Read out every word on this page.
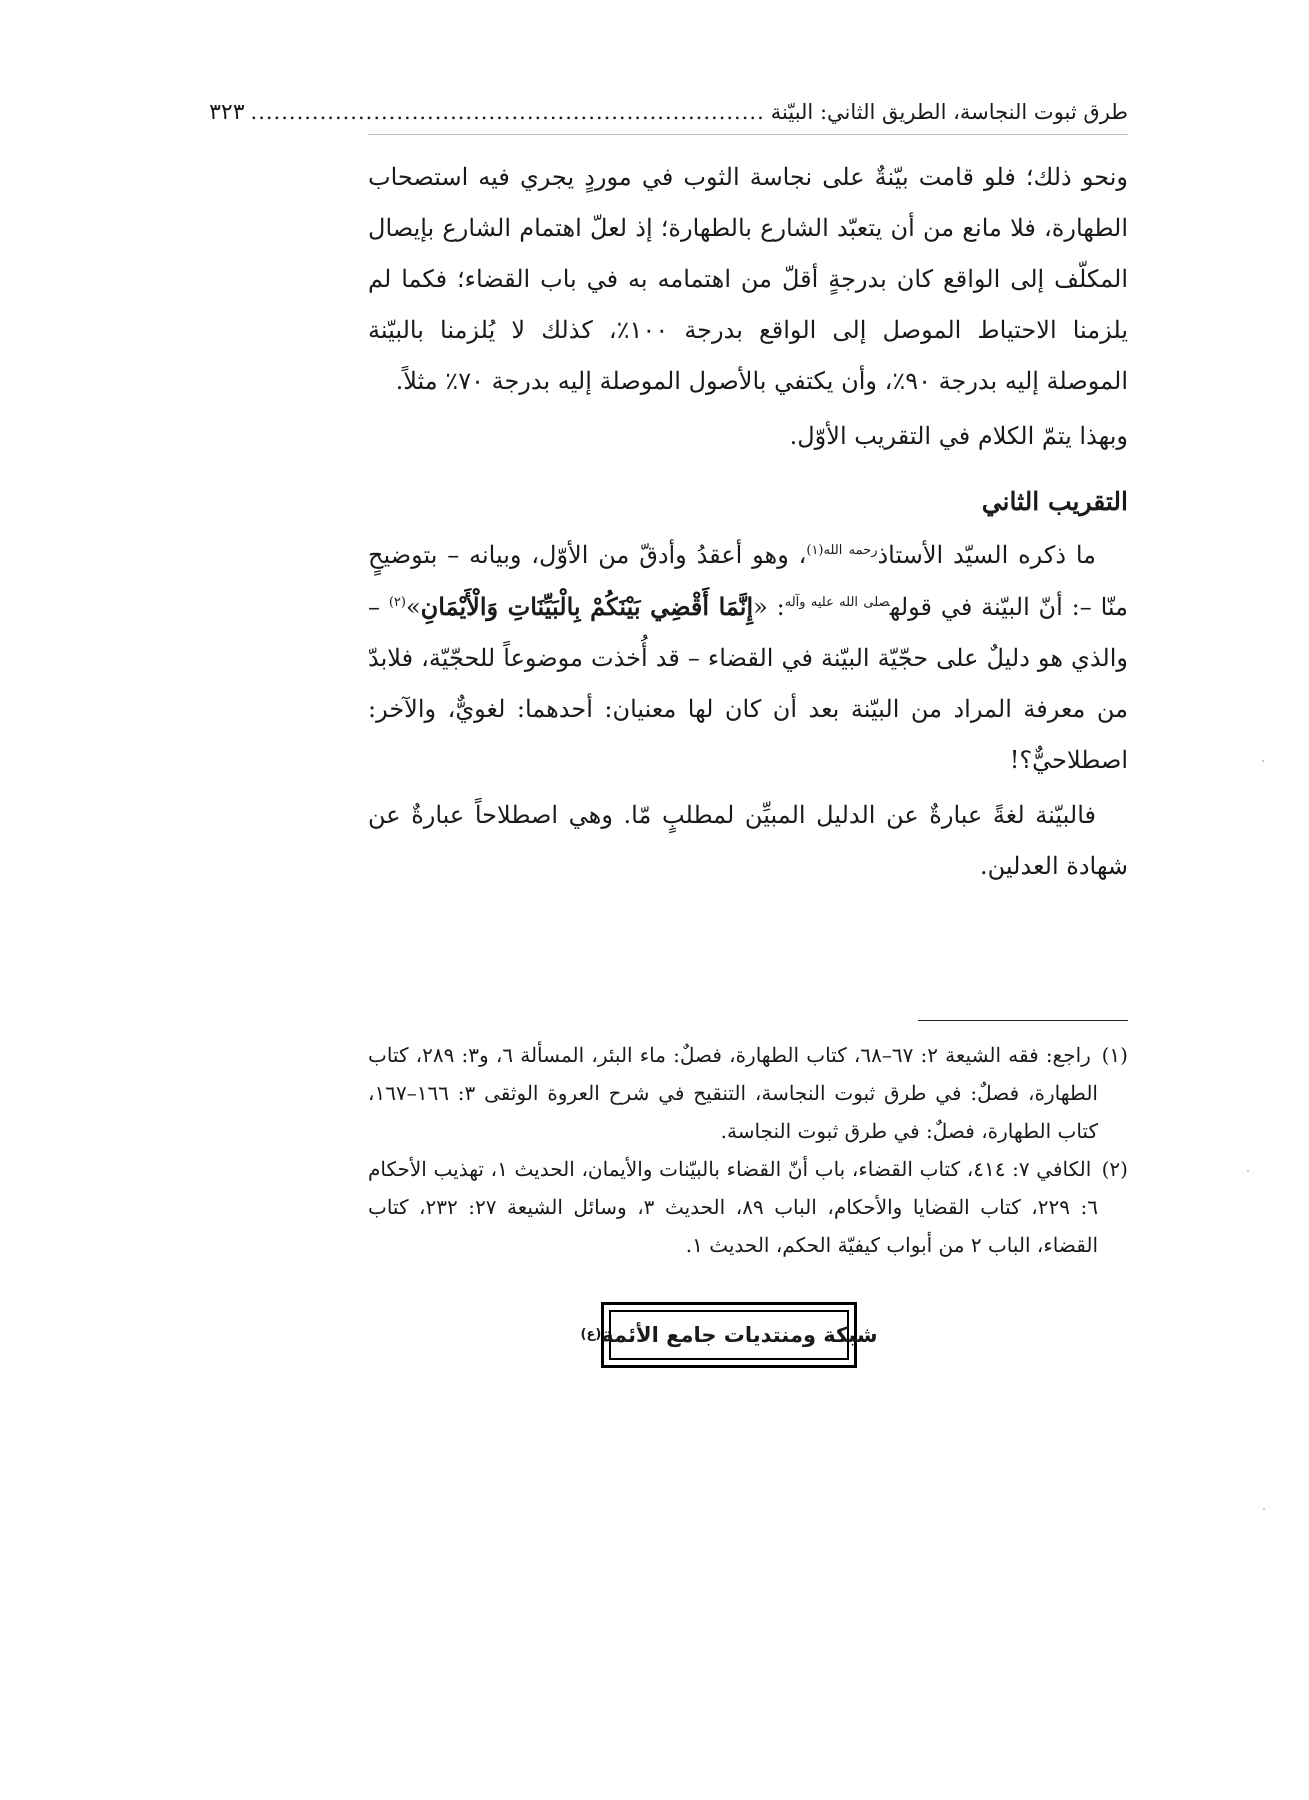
طرق ثبوت النجاسة، الطريق الثاني: البيّنة
...................................................................
٣٢٣

ونحو ذلك؛ فلو قامت بيّنةٌ على نجاسة الثوب في موردٍ يجري فيه استصحاب الطهارة، فلا مانع من أن يتعبّد الشارع بالطهارة؛ إذ لعلّ اهتمام الشارع بإيصال المكلّف إلى الواقع كان بدرجةٍ أقلّ من اهتمامه به في باب القضاء؛ فكما لم يلزمنا الاحتياط الموصل إلى الواقع بدرجة ١٠٠٪، كذلك لا يُلزمنا بالبيّنة الموصلة إليه بدرجة ٩٠٪، وأن يكتفي بالأصول الموصلة إليه بدرجة ٧٠٪ مثلاً.

وبهذا يتمّ الكلام في التقريب الأوّل.

التقريب الثاني

ما ذكره السيّد الأستاذ$^{رحمه الله(١)}$، وهو أعقدُ وأدقّ من الأوّل، وبيانه – بتوضيحٍ منّا –: أنّ البيّنة في قوله$^{صلى الله عليه وآله}$: «إِنَّمَا أَقْضِي بَيْنَكُمْ بِالْبَيِّنَاتِ وَالْأَيْمَانِ»$^{(٢)}$ – والذي هو دليلٌ على حجّيّة البيّنة في القضاء – قد أُخذت موضوعاً للحجّيّة، فلابدّ من معرفة المراد من البيّنة بعد أن كان لها معنيان: أحدهما: لغويٌّ، والآخر: اصطلاحيٌّ؟!

فالبيّنة لغةً عبارةٌ عن الدليل المبيِّن لمطلبٍ مّا. وهي اصطلاحاً عبارةٌ عن شهادة العدلين.

(١) راجع: فقه الشيعة ٢: ٦٧–٦٨، كتاب الطهارة، فصلٌ: ماء البئر، المسألة ٦، و٣: ٢٨٩، كتاب الطهارة، فصلٌ: في طرق ثبوت النجاسة، التنقيح في شرح العروة الوثقى ٣: ١٦٦–١٦٧، كتاب الطهارة، فصلٌ: في طرق ثبوت النجاسة.

(٢) الكافي ٧: ٤١٤، كتاب القضاء، باب أنّ القضاء بالبيّنات والأيمان، الحديث ١، تهذيب الأحكام ٦: ٢٢٩، كتاب القضايا والأحكام، الباب ٨٩، الحديث ٣، وسائل الشيعة ٢٧: ٢٣٢، كتاب القضاء، الباب ٢ من أبواب كيفيّة الحكم، الحديث ١.

شبكة ومنتديات جامع الأئمة
(ع)
